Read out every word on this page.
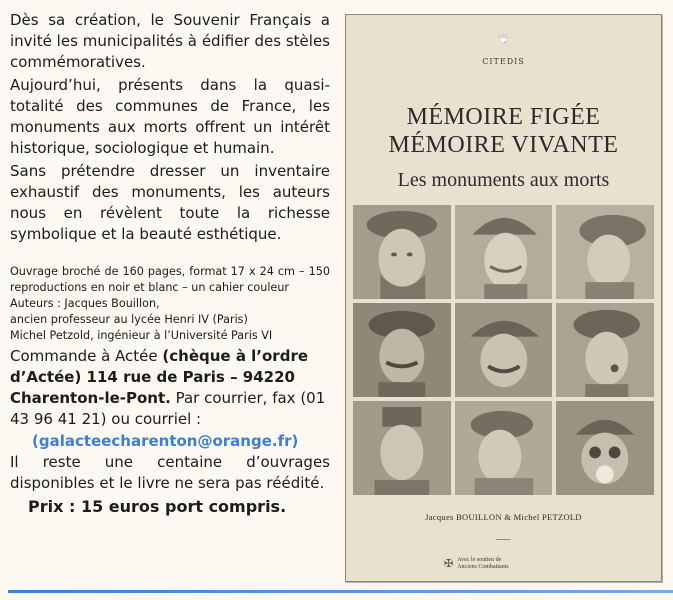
Dès sa création, le Souvenir Français a invité les municipalités à édifier des stèles commémoratives.

Aujourd’hui, présents dans la quasi-totalité des communes de France, les monuments aux morts offrent un intérêt historique, sociologique et humain.

Sans prétendre dresser un inventaire exhaustif des monuments, les auteurs nous en révèlent toute la richesse symbolique et la beauté esthétique.

Ouvrage broché de 160 pages, format 17 x 24 cm – 150 reproductions en noir et blanc – un cahier couleur
Auteurs : Jacques Bouillon,
ancien professeur au lycée Henri IV (Paris)
Michel Petzold, ingénieur à l’Université Paris VI
Commande à Actée (chèque à l’ordre d’Actée) 114 rue de Paris – 94220 Charenton-le-Pont. Par courrier, fax (01 43 96 41 21) ou courriel :
(galacteecharenton@orange.fr)
Il reste une centaine d’ouvrages disponibles et le livre ne sera pas réédité.
Prix : 15 euros port compris.
❦
CITEDIS
MÉMOIRE FIGÉE
MÉMOIRE VIVANTE
Les monuments aux morts
Jacques BOUILLON & Michel PETZOLD
━━━━━━
✠ Avec le soutien de
Anciens Combattants
